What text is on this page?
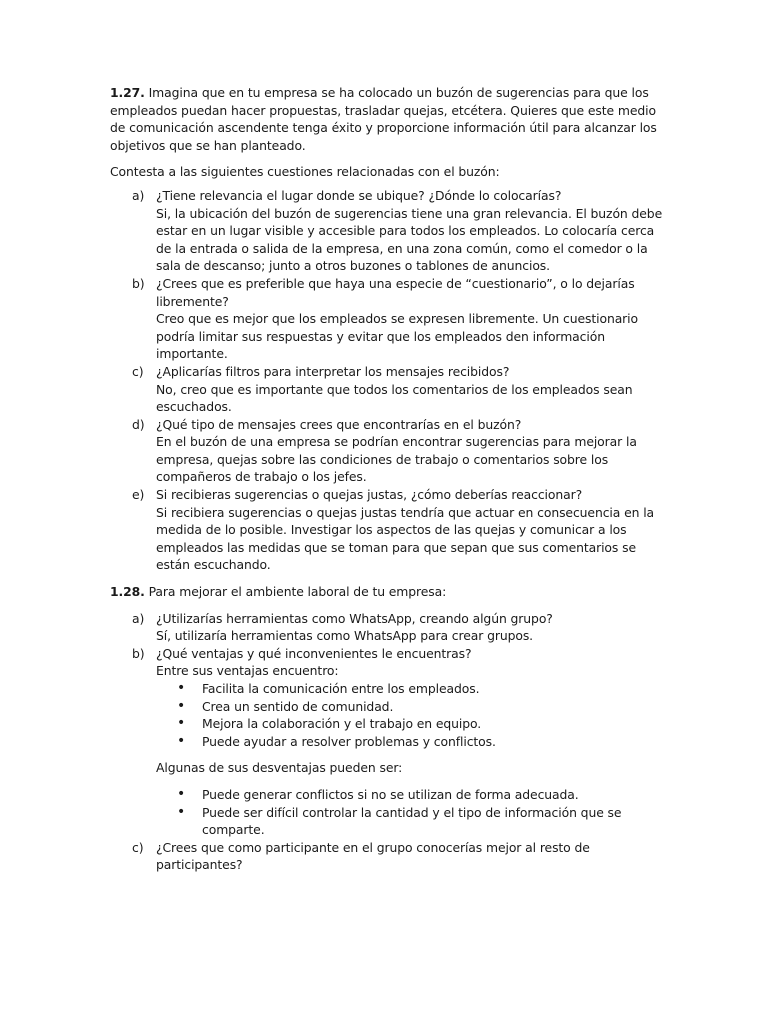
1.27. Imagina que en tu empresa se ha colocado un buzón de sugerencias para que los empleados puedan hacer propuestas, trasladar quejas, etcétera. Quieres que este medio de comunicación ascendente tenga éxito y proporcione información útil para alcanzar los objetivos que se han planteado.

Contesta a las siguientes cuestiones relacionadas con el buzón:

a) ¿Tiene relevancia el lugar donde se ubique? ¿Dónde lo colocarías?

Si, la ubicación del buzón de sugerencias tiene una gran relevancia. El buzón debe estar en un lugar visible y accesible para todos los empleados. Lo colocaría cerca de la entrada o salida de la empresa, en una zona común, como el comedor o la sala de descanso; junto a otros buzones o tablones de anuncios.

b) ¿Crees que es preferible que haya una especie de “cuestionario”, o lo dejarías libremente?

Creo que es mejor que los empleados se expresen libremente. Un cuestionario podría limitar sus respuestas y evitar que los empleados den información importante.

c) ¿Aplicarías filtros para interpretar los mensajes recibidos?

No, creo que es importante que todos los comentarios de los empleados sean escuchados.

d) ¿Qué tipo de mensajes crees que encontrarías en el buzón?

En el buzón de una empresa se podrían encontrar sugerencias para mejorar la empresa, quejas sobre las condiciones de trabajo o comentarios sobre los compañeros de trabajo o los jefes.

e) Si recibieras sugerencias o quejas justas, ¿cómo deberías reaccionar?

Si recibiera sugerencias o quejas justas tendría que actuar en consecuencia en la medida de lo posible. Investigar los aspectos de las quejas y comunicar a los empleados las medidas que se toman para que sepan que sus comentarios se están escuchando.

1.28. Para mejorar el ambiente laboral de tu empresa:

a) ¿Utilizarías herramientas como WhatsApp, creando algún grupo?

Sí, utilizaría herramientas como WhatsApp para crear grupos.

b) ¿Qué ventajas y qué inconvenientes le encuentras?

Entre sus ventajas encuentro:

• Facilita la comunicación entre los empleados.
• Crea un sentido de comunidad.
• Mejora la colaboración y el trabajo en equipo.
• Puede ayudar a resolver problemas y conflictos.

Algunas de sus desventajas pueden ser:

• Puede generar conflictos si no se utilizan de forma adecuada.
• Puede ser difícil controlar la cantidad y el tipo de información que se comparte.
c) ¿Crees que como participante en el grupo conocerías mejor al resto de participantes?
